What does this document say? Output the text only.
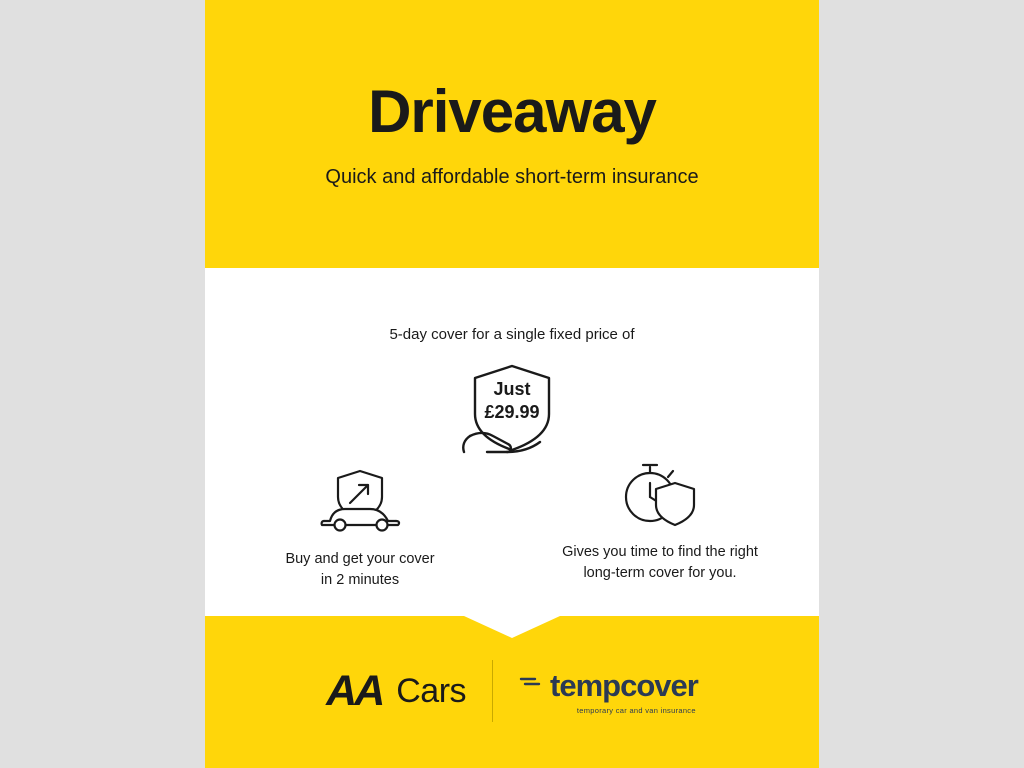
Driveaway
Quick and affordable short-term insurance
5-day cover for a single fixed price of
Just
£29.99
Buy and get your cover
in 2 minutes
Gives you time to find the right
long-term cover for you.
AA Cars	tempcover
temporary car and van insurance
